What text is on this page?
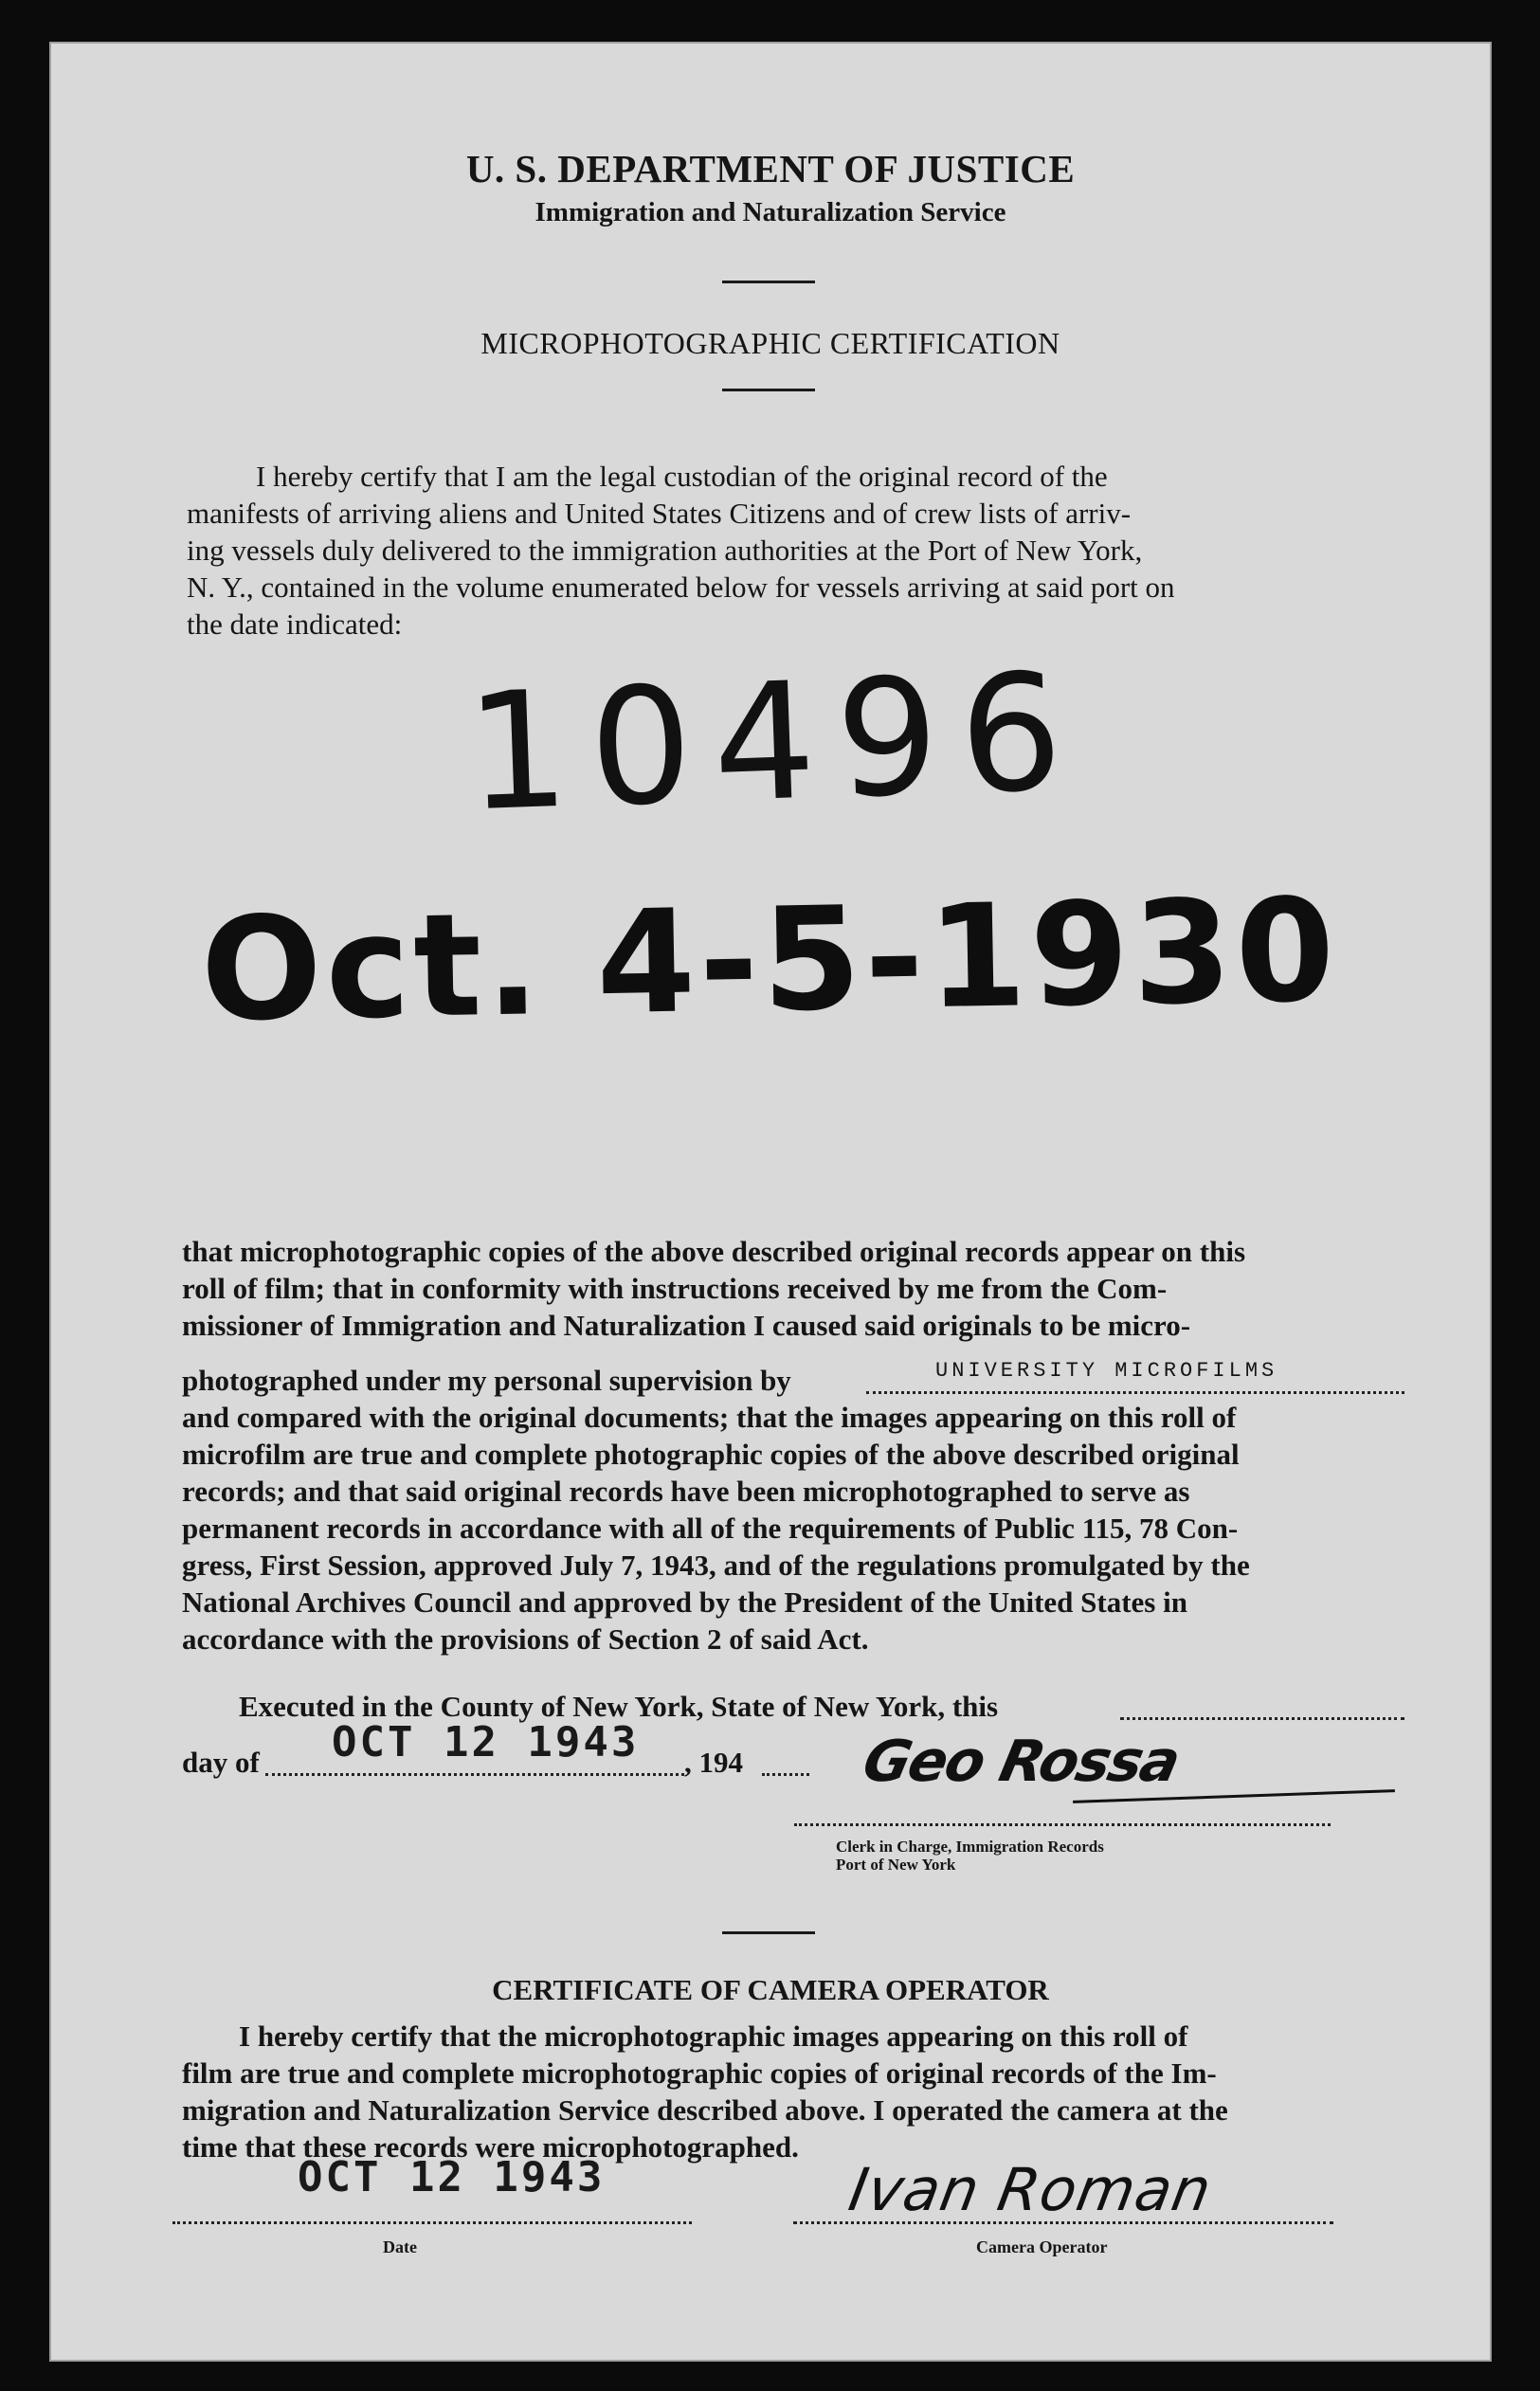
U. S. DEPARTMENT OF JUSTICE
Immigration and Naturalization Service
MICROPHOTOGRAPHIC CERTIFICATION
I hereby certify that I am the legal custodian of the original record of the
manifests of arriving aliens and United States Citizens and of crew lists of arriv-
ing vessels duly delivered to the immigration authorities at the Port of New York,
N. Y., contained in the volume enumerated below for vessels arriving at said port on
the date indicated:
10496
Oct. 4-5-1930
that microphotographic copies of the above described original records appear on this
roll of film; that in conformity with instructions received by me from the Com-
missioner of Immigration and Naturalization I caused said originals to be micro-
photographed under my personal supervision by	UNIVERSITY MICROFILMS
and compared with the original documents; that the images appearing on this roll of
microfilm are true and complete photographic copies of the above described original
records; and that said original records have been microphotographed to serve as
permanent records in accordance with all of the requirements of Public 115, 78 Con-
gress, First Session, approved July 7, 1943, and of the regulations promulgated by the
National Archives Council and approved by the President of the United States in
accordance with the provisions of Section 2 of said Act.
Executed in the County of New York, State of New York, this
day of OCT 12 1943 , 194 Geo Rossa
Clerk in Charge, Immigration Records
Port of New York
CERTIFICATE OF CAMERA OPERATOR
I hereby certify that the microphotographic images appearing on this roll of
film are true and complete microphotographic copies of original records of the Im-
migration and Naturalization Service described above. I operated the camera at the
time that these records were microphotographed.
OCT 12 1943
Date
Ivan Roman
Camera Operator
